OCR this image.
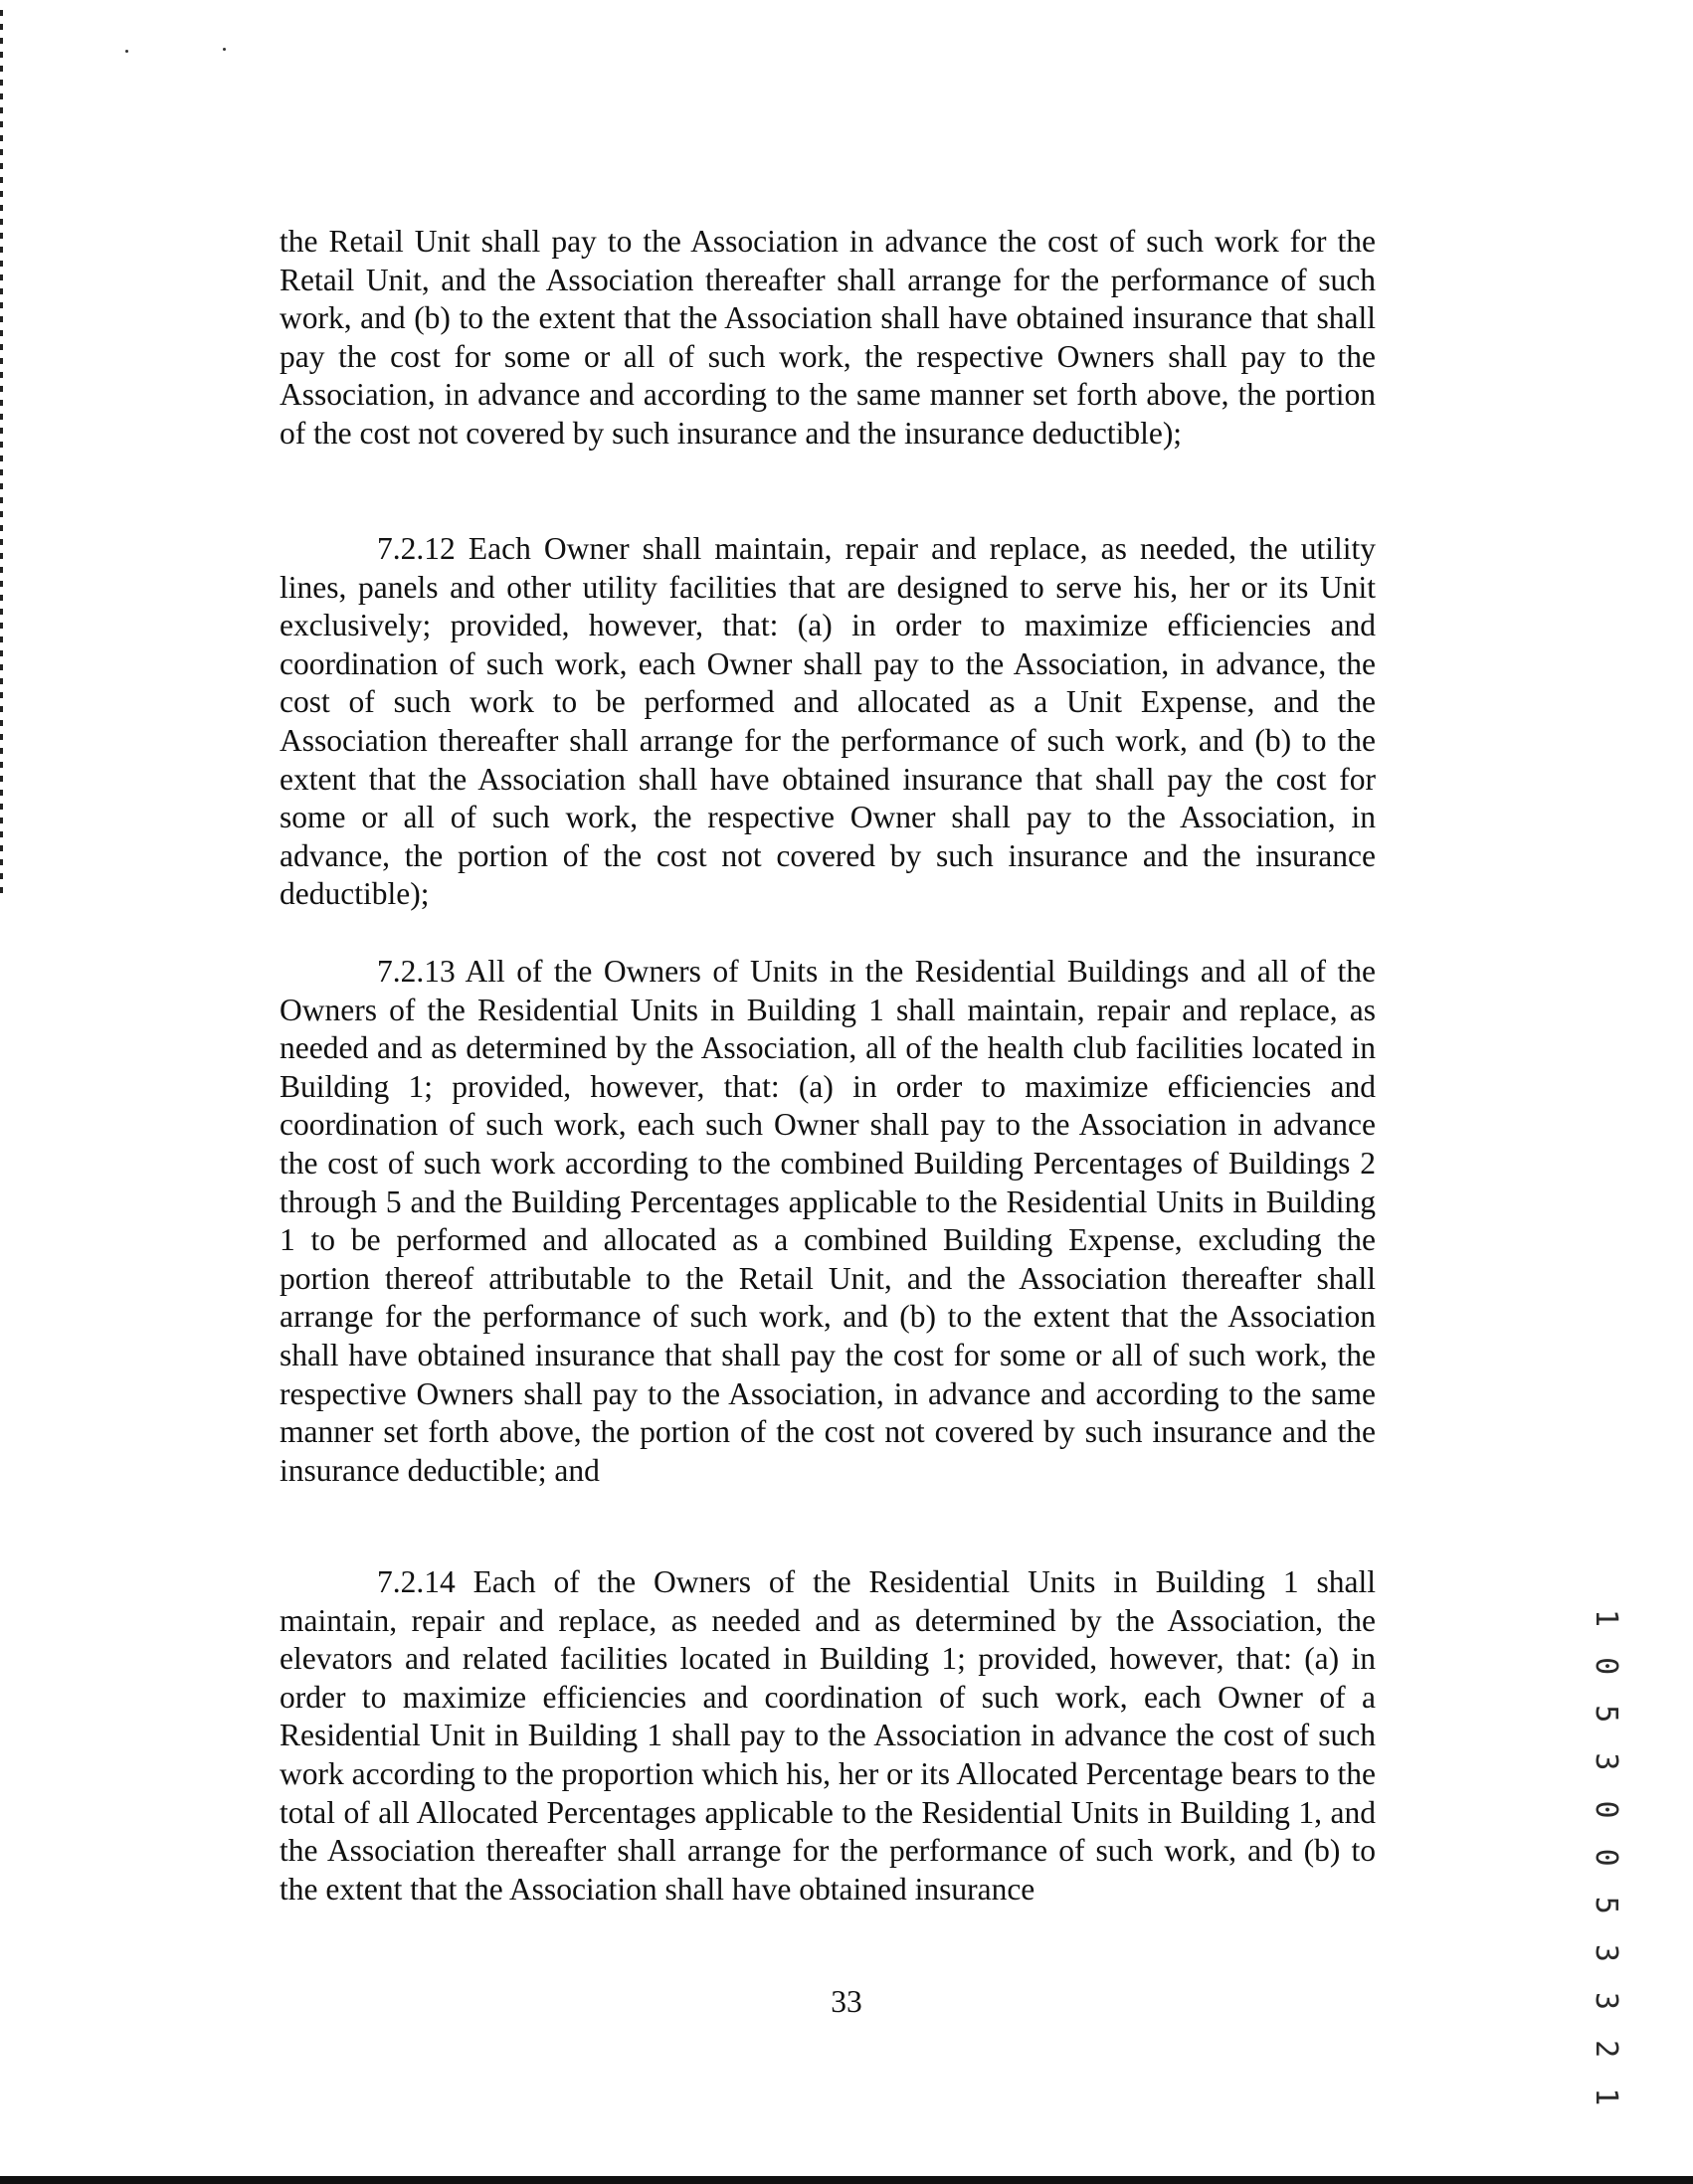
the Retail Unit shall pay to the Association in advance the cost of such work for the Retail Unit, and the Association thereafter shall arrange for the performance of such work, and (b) to the extent that the Association shall have obtained insurance that shall pay the cost for some or all of such work, the respective Owners shall pay to the Association, in advance and according to the same manner set forth above, the portion of the cost not covered by such insurance and the insurance deductible);

7.2.12 Each Owner shall maintain, repair and replace, as needed, the utility lines, panels and other utility facilities that are designed to serve his, her or its Unit exclusively; provided, however, that: (a) in order to maximize efficiencies and coordination of such work, each Owner shall pay to the Association, in advance, the cost of such work to be performed and allocated as a Unit Expense, and the Association thereafter shall arrange for the performance of such work, and (b) to the extent that the Association shall have obtained insurance that shall pay the cost for some or all of such work, the respective Owner shall pay to the Association, in advance, the portion of the cost not covered by such insurance and the insurance deductible);

7.2.13 All of the Owners of Units in the Residential Buildings and all of the Owners of the Residential Units in Building 1 shall maintain, repair and replace, as needed and as determined by the Association, all of the health club facilities located in Building 1; provided, however, that: (a) in order to maximize efficiencies and coordination of such work, each such Owner shall pay to the Association in advance the cost of such work according to the combined Building Percentages of Buildings 2 through 5 and the Building Percentages applicable to the Residential Units in Building 1 to be performed and allocated as a combined Building Expense, excluding the portion thereof attributable to the Retail Unit, and the Association thereafter shall arrange for the performance of such work, and (b) to the extent that the Association shall have obtained insurance that shall pay the cost for some or all of such work, the respective Owners shall pay to the Association, in advance and according to the same manner set forth above, the portion of the cost not covered by such insurance and the insurance deductible; and

7.2.14 Each of the Owners of the Residential Units in Building 1 shall maintain, repair and replace, as needed and as determined by the Association, the elevators and related facilities located in Building 1; provided, however, that: (a) in order to maximize efficiencies and coordination of such work, each Owner of a Residential Unit in Building 1 shall pay to the Association in advance the cost of such work according to the proportion which his, her or its Allocated Percentage bears to the total of all Allocated Percentages applicable to the Residential Units in Building 1, and the Association thereafter shall arrange for the performance of such work, and (b) to the extent that the Association shall have obtained insurance

33	1 0 5 3 0 0 5 3 3 2 1
